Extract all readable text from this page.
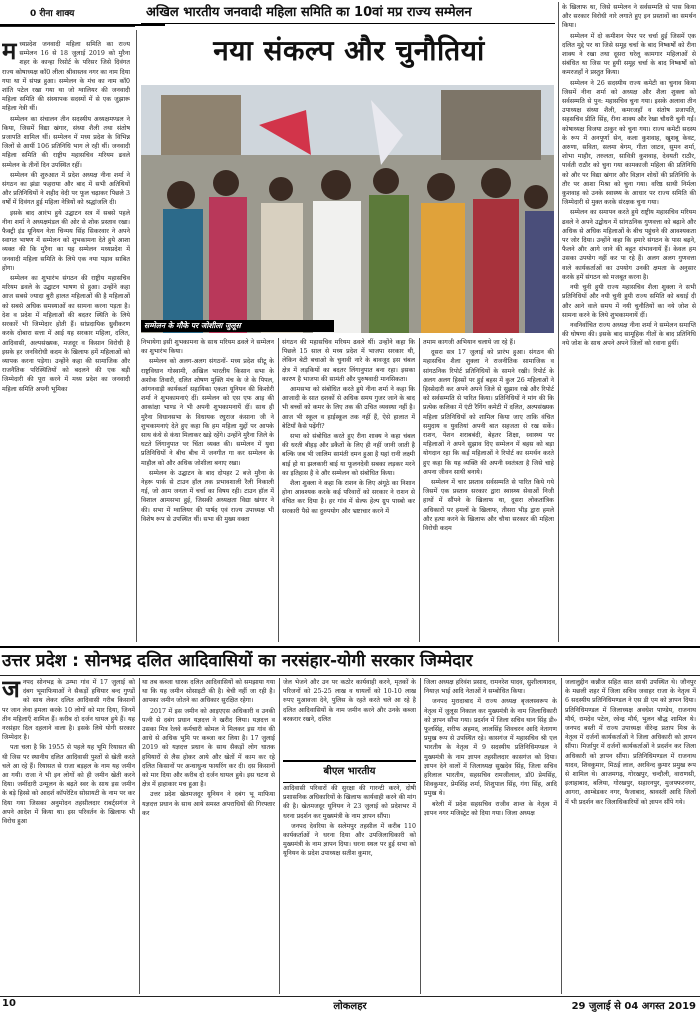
0 रीना शाक्य	अखिल भारतीय जनवादी महिला समिति का 10वां मप्र राज्य सम्मेलन
नया संकल्प और चुनौतियां
सम्मेलन के मौके पर जोशीला जुलूस
म ध्यप्रदेश जनवादी महिला समिति का राज्य सम्मेलन 16 से 18 जुलाई 2019 को मुरैना शहर के कान्हा रिसोर्ट के परिसर जिसे दिवंगत राज्य कोषाध्यक्ष कॉ0 लीला श्रीवास्तव नगर का नाम दिया गया था में संपन्न हुआ। सम्मेलन के मंच का नाम कॉ0 शांति पटेल रखा गया था जो ग्वालियर की जनवादी महिला समिति की संस्थापक सदस्यों में से एक जुझारू महिला नेत्री थीं।

सम्मेलन का संचालन तीन सदस्यीय अध्यक्षमण्डल ने किया, जिसमें विद्या खंगार, संध्या शैली तथा संतोष प्रजापति शामिल थीं। सम्मेलन में मध्य प्रदेश के विभिन्न जिलों से आयीं 106 प्रतिनिधि भाग ले रही थीं। जनवादी महिला समिति की राष्ट्रीय महासचिव मरियम ढवले सम्मेलन के तीनों दिन उपस्थित रहीं।

सम्मेलन की शुरुआत में प्रदेश अध्यक्ष नीना शर्मा ने संगठन का झंडा फहराया और बाद में सभी अतिथियों और प्रतिनिधियों ने शहीद वेदी पर फूल चढ़ाकर पिछले 3 वर्षों में दिवंगत हुई महिला नेत्रियों को श्रद्धांजलि दी।

इसके बाद आरंभ हुये उद्घाटन सत्र में सबसे पहले नीना शर्मा ने अध्यक्षमंडल की ओर से शोक प्रस्ताव रखा। फैक्ट्री इंड यूनियन नेता चिन्मय सिंह सिकरवार ने अपने स्वागत भाषण में सम्मेलन को शुभकामना देते हुये आशा व्यक्त की कि मुरैना का यह सम्मेलन मध्यप्रदेश में जनवादी महिला समिति के लिये एक नया पड़ाव साबित होगा।

सम्मेलन का शुभारंभ संगठन की राष्ट्रीय महासचिव मरियम ढवले के उद्घाटन भाषण से हुआ। उन्होंने कहा आज सबसे ज्यादा बुरी हालत महिलाओं की है महिलाओं को सबसे अधिक समस्याओं का सामना करना पड़ता है। देश व प्रदेश में महिलाओं की बदतर स्थिति के लिये सरकारें भी जिम्मेदार होती हैं। सांप्रदायिक ध्रुवीकरण करके दोबारा सत्ता में आई यह सरकार महिला, दलित, आदिवासी, अल्पसंख्यक, मजदूर व किसान विरोधी है इसके हर जनविरोधी कदम के खिलाफ हमें महिलाओं को व्यापक करना पड़ेगा। उन्होंने कहा की सामाजिक और राजनैतिक परिस्थितियों को बदलने की एक बड़ी जिम्मेदारी की पूरा करने में मध्य प्रदेश का जनवादी महिला समिति अपनी भूमिका

निभायेगा इसी शुभकामना के साथ मरियम ढवले ने सम्मेलन का शुभारंभ किया।

सम्मेलन को अलग-अलग संगठनों- मध्य प्रदेश सीटू के राष्ट्रविधान गोस्वामी, अखिल भारतीय किसान सभा के अशोक तिवारी, दलित शोषण मुक्ति मंच के जे के पिपल, आंगनवाड़ी कार्यकर्ता सहायिका एकता यूनियन की किशोरी शर्मा ने शुभकामनाएं दीं। सम्मेलन को एस एफ आइ की आकांक्षा भाण्ड ने भी अपनी शुभकामनायें दीं। साथ ही मुरैना विधानसभा के विधायक रघुराज कंसाना जी ने शुभकामनाएं देते हुए कहा कि हम महिला मुद्दों पर आपके साथ कंधे से कंधा मिलाकर खड़े रहेंगे। उन्होंने मुरैना जिले के घटते लिंगानुपात पर चिंता व्यक्त की। सम्मेलन में युवा प्रतिनिधियों ने बीच बीच में जनगीत गा कर सम्मेलन के माहौल को और अधिक जोशीला बनाए रखा।

सम्मेलन के उद्घाटन के बाद दोपहर 2 बजे मुरैना के नेहरू पार्क से टाउन हॉल तक प्रभावशाली रैली निकाली गई, जो आम जनता में चर्चा का विषय रही। टाउन हॉल में विशाल आमसभा हुई, जिसकी अध्यक्षता विद्या खंगार ने की। सभा में ग्वालियर की पार्षद एवं राज्य उपाध्यक्ष भी विशेष रूप से उपस्थित थीं। सभा की मुख्य वक्ता

संगठन की महासचिव मरियम ढवले थीं। उन्होंने कहा कि पिछले 15 साल से मध्य प्रदेश में भाजपा सरकार थी, लेकिन बेटी बचाओ के चुनावी नारे के बावजूद इस चंबल क्षेत्र में लड़कियों का बदतर लिंगानुपात बना रहा। इसका कारण है भाजपा की सामंती और पुरुषवादी मानसिकता।

आमसभा को संबोधित करते हुये नीना शर्मा ने कहा कि आजादी के सात दशकों से अधिक समय गुजर जाने के बाद भी बच्चों को कमर के लिए तक की उचित व्यवस्था नहीं है। आज भी स्कूल व हाईस्कूल तक नहीं हैं, ऐसे हालात में बेटियाँ कैसे पढ़ेंगी?

सभा को संबोधित करते हुए रीना शाक्य ने कहा चंबल की धरती बीहड़ और डकैतों के लिए ही नहीं जानी जाती है बल्कि जब भी जालिम सामंती दमन हुआ है यहां रानी लक्ष्मी बाई हो या झलकारी बाई या फूलनदेवी सबका लड़कर मरने का इतिहास है वे और सम्मेलन को संबोधित किया।

शैला शुक्ला ने कहा कि राशन के लिए अंगूठे का निशान होना आवश्यक करके कई परिवारों को सरकार ने राशन से वंचित कर दिया है। हर गांव में सेल्फ हेल्प ग्रुप पास्बो कर सरकारी पैसे का दुरुपयोग और भ्रष्टाचार करने में

तमाम कागजी अभियान चलाये जा रहे हैं।

दूसरा सत्र 17 जुलाई को प्रारंभ हुआ। संगठन की महासचिव शैला शुक्ला ने राजनीतिक सामाजिक व सांगठनिक रिपोर्ट प्रतिनिधियों के सामने रखी। रिपोर्ट के अलग अलग हिस्सों पर हुई बहस में कुल 26 महिलाओं ने हिस्सेदारी कर अपने अपने जिले से सुझाव रखे और रिपोर्ट को सर्वसम्मति से पारित किया। प्रतिनिधियों ने मांग की कि प्रत्येक कलिका में एंटी रैगिंग कमेटी में दलित, अल्पसंख्यक महिला प्रतिनिधियों को शामिल किया जाए ताकि वंचित समुदाय व युवतियां अपनी बात सहजता से रख सकें। राशन, पेंशन शराबबंदी, बेहतर शिक्षा, स्वास्थ्य पर महिलाओं ने अपने सुझाव दिए सम्मेलन में बहस को बड़ा योगदान रहा कि कई महिलाओं ने रिपोर्ट का समर्थन करते हुए कहा कि यह व्यक्ति की अपनी स्वतंत्रता है जिसे चाहे अपना जीवन साथी बनाये।

सम्मेलन में चार प्रस्ताव सर्वसम्मति से पारित किये गये जिसमें एक प्रस्ताव सरकार द्वारा स्वास्थ्य सेवाओं निजी हाथों में सौंपने के खिलाफ था, दूसरा लोकतांत्रिक अधिकारों पर हमलों के खिलाफ, तीसरा भीड़ द्वारा हमले और हत्या करने के खिलाफ और चौथा सरकार की महिला विरोधी कदम

के खिलाफ था, जिसे सम्मेलन ने सर्वसम्मति से पास किया और सरकार विरोधी नारे लगाते हुए इन प्रस्तावों का समर्थन किया।

सम्मेलन में दो कमीशन पेपर पर चर्चा हुई जिसमें एक दलित मुद्दे पर था जिसे समूह चर्चा के बाद निष्कर्षों को रीना शाक्य ने रखा तथा दूसरा घरेलू कामगार महिलाओं से संबंधित था जिस पर हुयी समूह चर्चा के बाद निष्कर्षों को कमरजहाँ ने प्रस्तुत किया।

सम्मेलन ने 26 सदस्यीय राज्य कमेटी का चुनाव किया जिसमें नीना शर्मा को अध्यक्ष और शैला शुक्ला को सर्वसम्मति से पुन: महासचिव चुना गया। इसके अलावा तीन उपाध्यक्ष संध्या शैली, कमरजहाँ व संतोष प्रजापति, सहसचिव प्रीति सिंह, रीना शाक्य और रेखा चौधरी चुनी गईं। कोषाध्यक्ष विजया ठाकुर को चुना गया। राज्य कमेटी सदस्य के रूप में अनपूर्णा सेन, कला कुशवाह, खुशबू केवट, अरुणा, सविता, सलमा बेगम, गीता जाटव, सुमन शर्मा, शोभा माहौर, तरुलता, सावित्री कुशवाह, देवयती राठौर, पार्वती राठौर को चुना गया कामकाजी महिला की प्रतिनिधि को और पर विद्या खंगार और विज्ञान शोधों की प्रतिनिधि के तौर पर आशा मिश्रा को चुना गया। वरिष्ठ साथी निर्मला कुशवाह को उनके स्वास्थ्य के आधार पर राज्य समिति की जिम्मेदारी से मुक्त करके संरक्षक चुना गया।

सम्मेलन का समापन करते हुये राष्ट्रीय महासचिव मरियम ढवले ने अपने उद्बोधन में सांगठनिक गुणवत्ता को बढ़ाने और अधिक से अधिक महिलाओं के बीच पहुंचने की आवश्यकता पर जोर दिया। उन्होंने कहा कि हमारे संगठन के पास बढ़ने, फैलने और आगे जाने की बहुत संभावनायें हैं। केवल हम उसका उपयोग नहीं कर पा रहे हैं। अलग अलग गुणवत्ता वाले कार्यकर्ताओं का उपयोग उनकी क्षमता के अनुसार करके हमें संगठन को मजबूत करना है।

नयी चुनी हुयी राज्य महासचिव शैला शुक्ला ने सभी प्रतिनिधियों और नयी चुनी हुयी राज्य समिति को बधाई दी और आने वाले समय में नयी चुनौतियों का नये जोश से सामना करने के लिये शुभकामनायें दीं।

नवनिर्वाचित राज्य अध्यक्ष नीना शर्मा ने सम्मेलन समाप्ति की घोषणा की। इसके बाद सामूहिक गीतों के बाद प्रतिनिधि नये जोश के साथ अपने अपने जिलों को रवाना हुयीं।

उत्तर प्रदेश : सोनभद्र दलित आदिवासियों का नरसंहार-योगी सरकार जिम्मेदार
ज नपद सोनभद्र के उम्भा गांव में 17 जुलाई को दंबग भूमाफियाओं ने सैकड़ों हथियार बन्द गुण्डों को साथ लेकर दलित आदिवासी गरीब किसानों पर जान लेवा हमला करके 10 लोगों को मार दिया, जिनमें तीन महिलाएँ शामिल हैं। करीब दो दर्जन घायल हुये हैं। यह नरसंहार दिल दहलाने वाला है। इसके लिये योगी सरकार जिम्मेदार है।

पता चला है कि 1955 से पहले यह भूमि रियासत की थी जिस पर स्थानीय दलित आदिवासी पुश्तों से खेती करते चले आ रहे हैं। रियासत से राजा बड़हल के नाम यह जमीन आ गयी। राजा ने भी इन लोगों को ही जमीन खेती करने दिया। जमींदारी उन्मूलन के बढ़ते स्वर के साथ इस जमीन के बड़े हिस्से को आदर्श कॉपरेटिव सोसायटी के नाम पर कर दिया गया जिसका अनुमोदन तहसीलदार राबर्ट्सगंज ने अपने आदेश में किया था। इस परिवर्तन के खिलाफ भी विरोध हुआ

था तब कब्जा धारक दलित आदिवासियों को समझाया गया था कि यह जमीन सोसाइटी की है। बेची नहीं जा रही है। आपका जमीन जोतने का अधिकार सुरक्षित रहेगा।

2017 में इस जमीन को आइएएस अधिकारी व उनकी पत्नी से दबंग प्रधान यज्ञदत्त ने खरीद लिया। यज्ञदत्त व उसका मित्र रेलवे कर्मचारी कोमल ने मिलकर इस गांव की आधे से अधिक भूमि पर कब्जा कर लिया है। 17 जुलाई 2019 को यज्ञदत्त प्रधान के साथ सैकड़ों लोग घातक हथियारों से लैस होकर आये और खेतों में काम कर रहे दलित किसानों पर अन्धाधुन्ध फायरिंग कर दी। दस किसानों को मार दिया और करीब दो दर्जन घायल हुये। इस घटना से क्षेत्र में हाहाकार मच हुआ है।

उत्तर प्रदेश खेतमजदूर यूनियन ने दबंग भू माफिया यज्ञदत्त प्रधान के साथ आये समस्त अपराधियों की गिरफ्तार कर

जेल भेजने और उन पर कठोर कार्यवाही करने, मृतकों के परिजनों को 25-25 लाख व घायलों को 10-10 लाख रुपए मुआवजा देने, पुलिस के रहते करते चले आ रहे है दलित आदिवासियों के नाम जमीन करने और उनके कब्जा बरकरार रखने, दलित

बीएल भारतीय

आदिवासी परिवारों की सुरक्षा की गारन्टी करने, दोषी प्रशासनिक अधिकारियों के खिलाफ कार्यवाही करने की मांग की है। खेतमजदूर यूनियन ने 23 जुलाई को प्रदेशभर में धरना प्रदर्शन कर मुख्यमंत्री के नाम ज्ञापन सौंपा।

जनपद देवरिया के सलेमपुर तहसील में करीब 110 कार्यकर्ताओं ने धरना दिया और उपजिलाधिकारी को मुख्यमंत्री के नाम ज्ञापन दिया। धरना स्थल पर हुई सभा को यूनियन के प्रदेश उपाध्यक्ष सतीश कुमार,

जिला अध्यक्ष हरिवंश प्रसाद, रामनरेश यादव, सुशीलायादव, नियाज़ भाई आदि नेताओं ने सम्बोधित किया।

जनपद मुरादाबाद में राज्य अध्यक्ष बृजलस्वरूप के नेतृत्व में जुलूस निकाल कर मुख्यमंत्री के नाम जिलाधिकारी को ज्ञापन सौंपा गया। प्रदर्शन में जिला सचिव थान सिंह डी० फूलसिंह, शरीफ अहमद, लालसिंह शिवचरन आदि नेतागण प्रमुख रूप से उपस्थित रहे। कासगंज में महासचिव श्री एल भारतीय के नेतृत्व में 9 सदस्यीय प्रतिनिधिमण्डल ने मुख्यमंत्री के नाम ज्ञापन तहसीलदार कासगंज को दिया। ज्ञापन देने वालों में जिलाध्यक्ष सुखदेव सिंह, जिला सचिव हरिलाल भारतीय, सहसचिव रामजीलाल, डॉ0 प्रेमसिंह, शिवकुमार, प्रेमसिंह शर्मा, शिशुपाल सिंह, गंगा सिंह, आदि प्रमुख थे।

बरेली में प्रदेश सहसचिव राजीव शान्त के नेतृत्व में ज्ञापन नगर मजिस्ट्रेट को दिया गया। जिला अध्यक्ष

जलालुद्दीन कन्नौज सहित सात साथी उपस्थित थे। जौनपुर के मछली शहर में जिला सचिव जवाहर राजा के नेतृत्व में 6 सदस्यीय प्रतिनिधिमण्डल ने एस डी एम को ज्ञापन दिया। प्रतिनिधिमण्डल में जिलाध्यक्ष अवधेश पाण्डेय, राजनाथ मौर्य, रामदेव पटेल, रवेन्द्र मौर्य, भुलन बौद्ध शामिल थे। जनपद बस्ती में राज्य उपाध्यक्ष वीरेन्द्र प्रताप मिश्र के नेतृत्व में दर्जनों कार्यकर्ताओं ने जिला अधिकारी को ज्ञापन सौंपा। मिर्जापुर में दर्जनों कार्यकर्ताओं ने प्रदर्शन कर जिला अधिकारी को ज्ञापन सौंपा। प्रतिनिधिमण्डल में राजनाथ यादव, शिवकुमार, मिठई लाल, अरविन्द कुमार प्रमुख रूप से शामिल थे। आजमगढ़, गोरखपुर, चन्दौली, वाराणसी, इलाहाबाद, बलिया, गोरखपुर, सहारनपुर, मुजफ्फरनगर, आगरा, आम्बेडकर नगर, फैजाबाद, श्रावस्ती आदि जिलों में भी प्रदर्शन कर जिलाधिकारियों को ज्ञापन सौंपे गये।

10	लोकलहर	29 जुलाई से 04 अगस्त 2019
